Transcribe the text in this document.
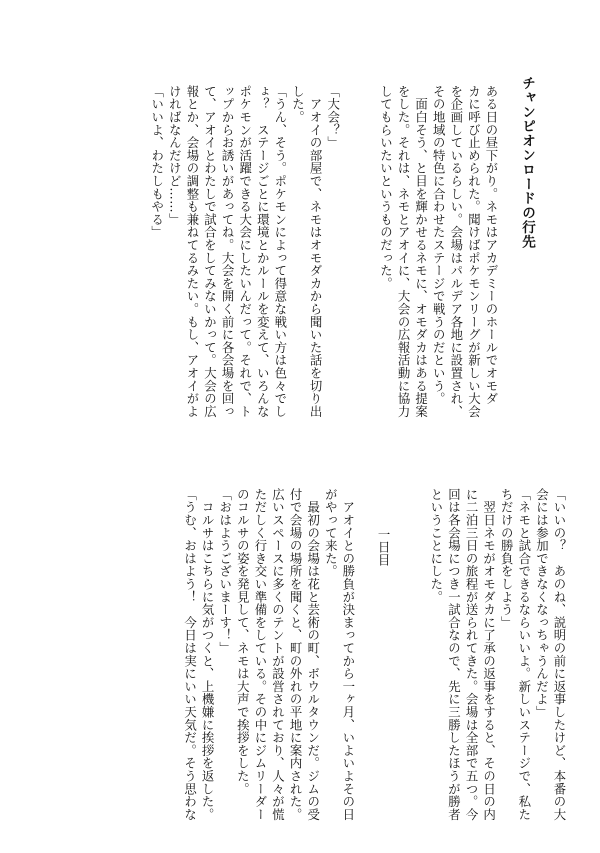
チャンピオンロードの行先
ある日の昼下がり。ネモはアカデミーのホールでオモダ
カに呼び止められた。聞けばポケモンリーグが新しい大会
を企画しているらしい。会場はパルデア各地に設置され、
その地域の特色に合わせたステージで戦うのだという。
　面白そう、と目を輝かせるネモに、オモダカはある提案
をした。それは、ネモとアオイに、大会の広報活動に協力
してもらいたいというものだった。

「大会？」
　アオイの部屋で、ネモはオモダカから聞いた話を切り出
した。
「うん、そう。ポケモンによって得意な戦い方は色々でし
ょ？　ステージごとに環境とかルールを変えて、いろんな
ポケモンが活躍できる大会にしたいんだって。それで、ト
ップからお誘いがあってね。大会を開く前に各会場を回っ
て、アオイとわたしで試合をしてみないかって。大会の広
報とか、会場の調整も兼ねてるみたい。もし、アオイがよ
ければなんだけど……」
「いいよ、わたしもやる」
「いいの？　あのね、説明の前に返事したけど、本番の大
会には参加できなくなっちゃうんだよ」
「ネモと試合できるならいいよ。新しいステージで、私た
ちだけの勝負をしよう」
　翌日ネモがオモダカに了承の返事をすると、その日の内
に二泊三日の旅程が送られてきた。会場は全部で五つ。今
回は各会場につき一試合なので、先に三勝したほうが勝者
ということにした。

一日目

　アオイとの勝負が決まってから一ヶ月、いよいよその日
がやって来た。
　最初の会場は花と芸術の町、ボウルタウンだ。ジムの受
付で会場の場所を聞くと、町の外れの平地に案内された。
広いスペースに多くのテントが設営されており、人々が慌
ただしく行き交い準備をしている。その中にジムリーダー
のコルサの姿を発見して、ネモは大声で挨拶をした。
「おはようございまーす！」
　コルサはこちらに気がつくと、上機嫌に挨拶を返した。
「うむ、おはよう！　今日は実にいい天気だ。そう思わな
